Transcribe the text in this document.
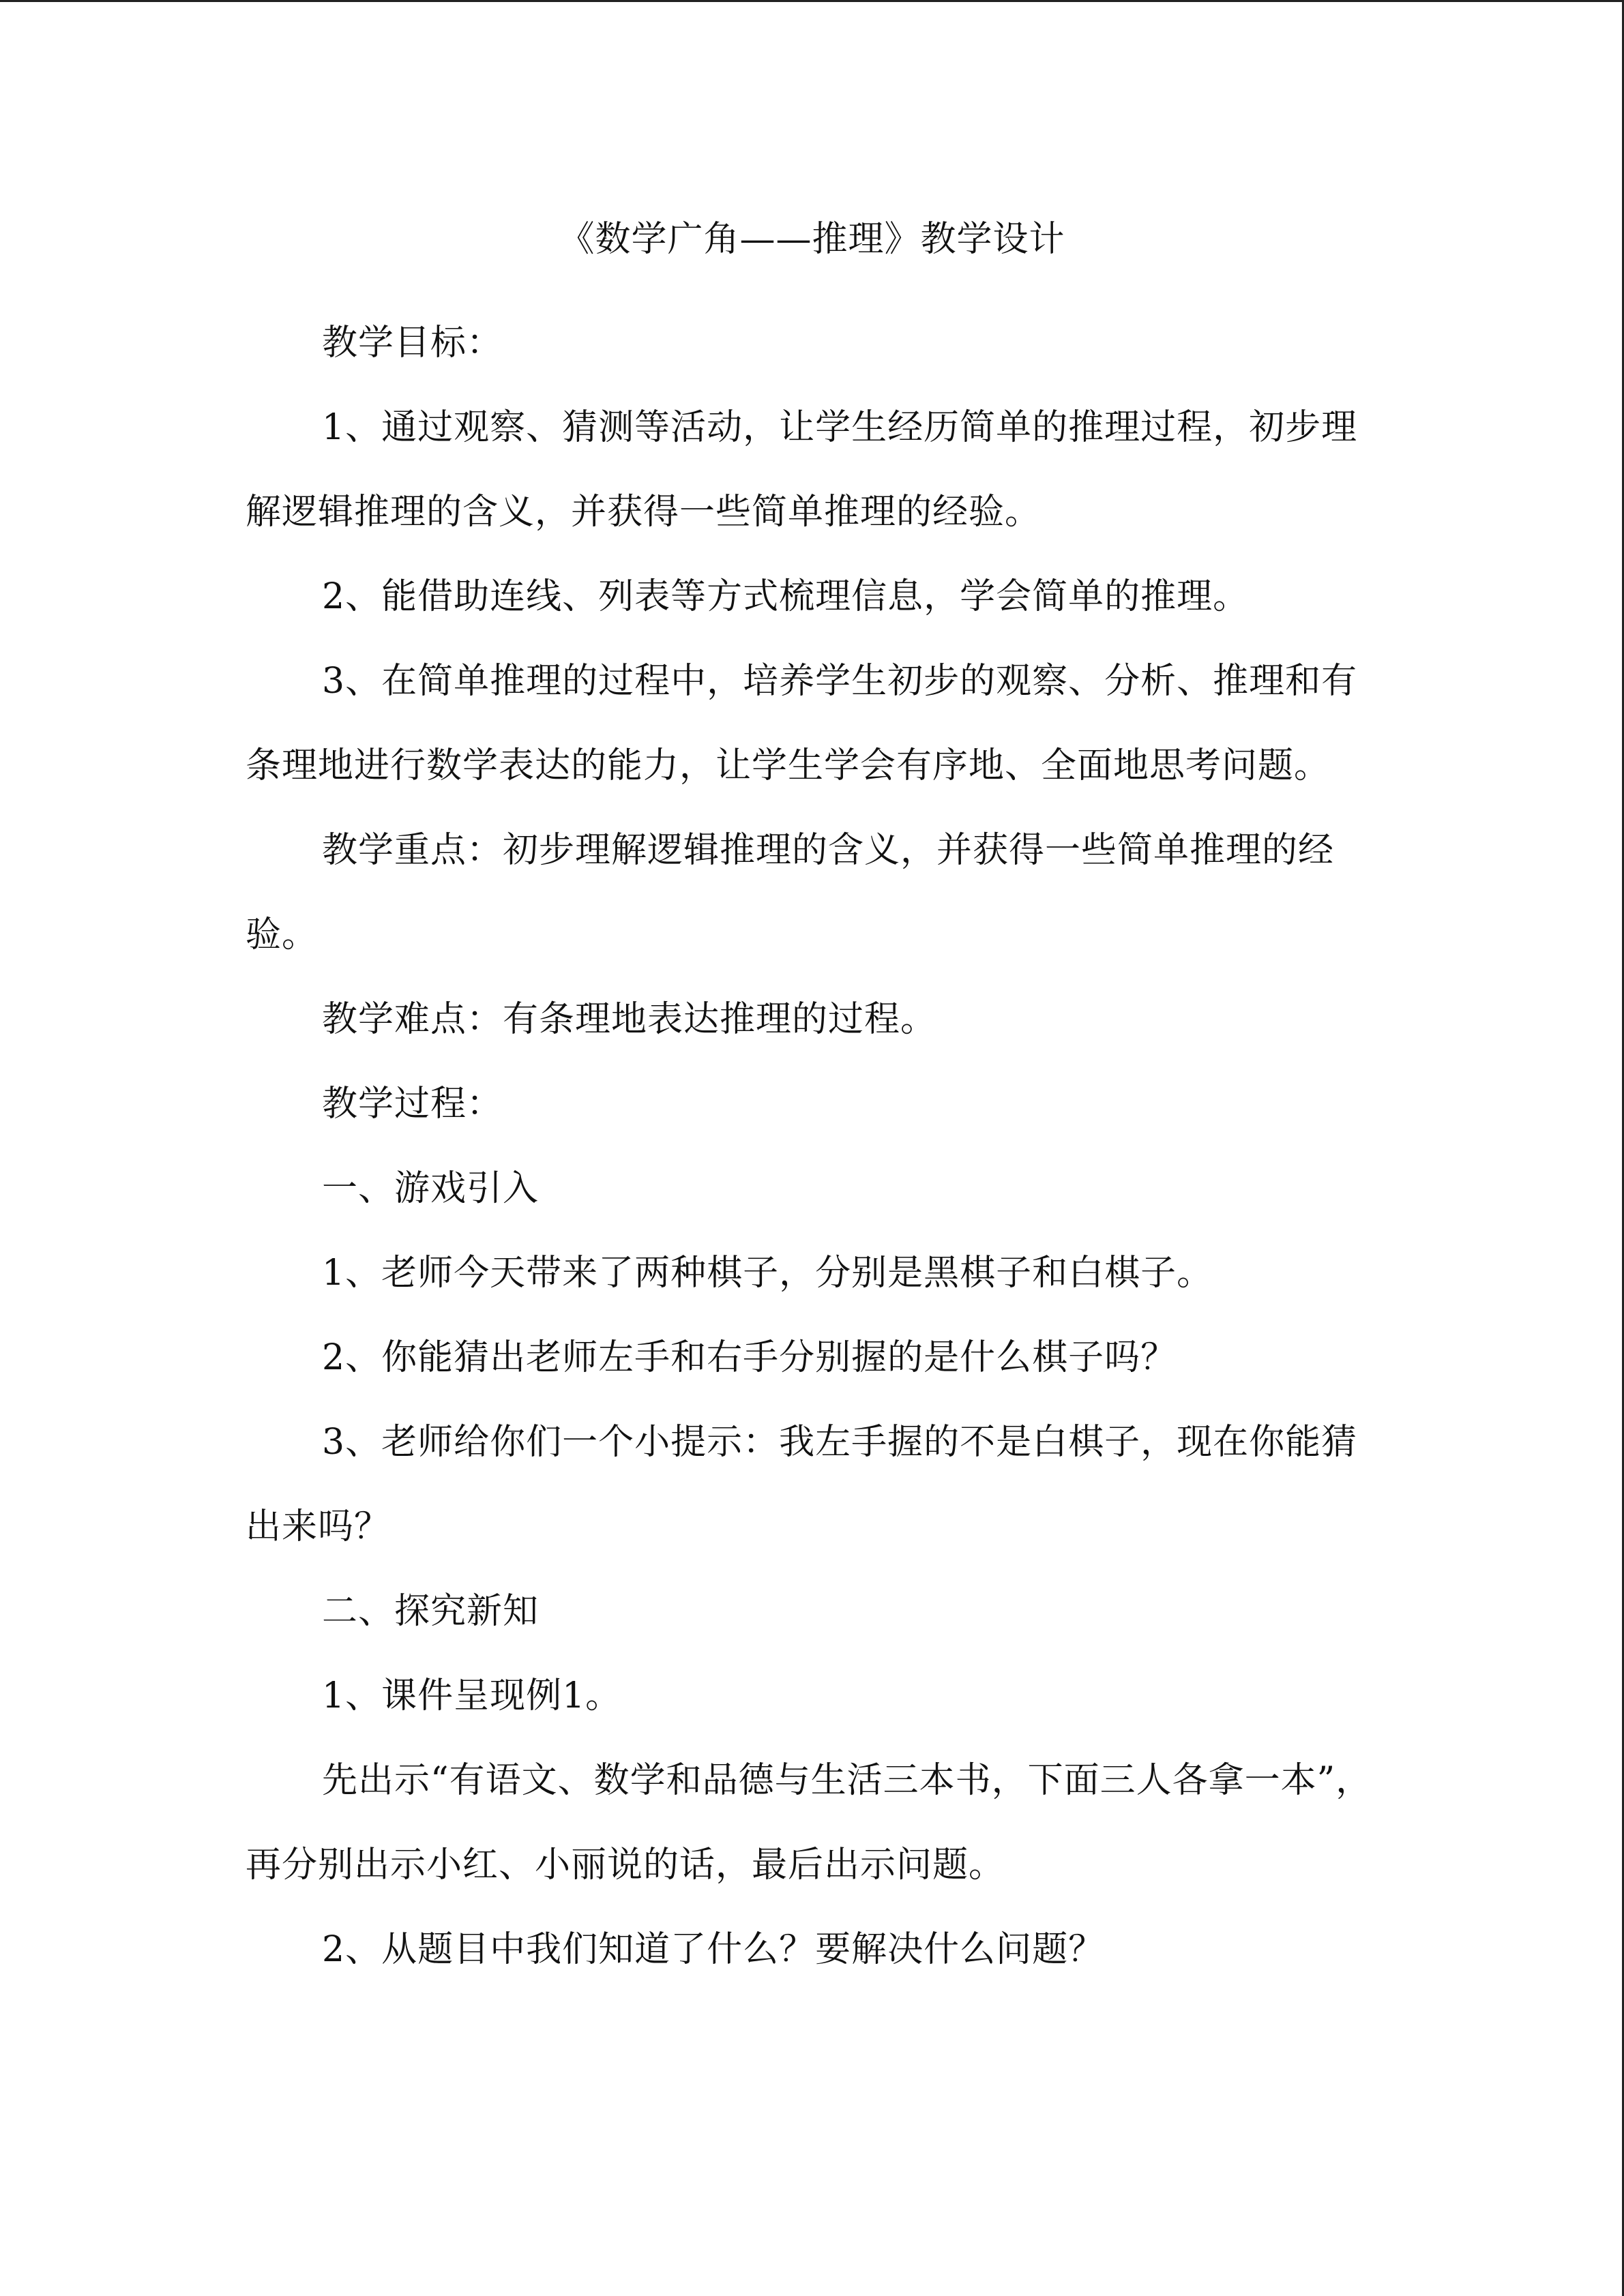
《数学广角——推理》教学设计

教学目标：

1、通过观察、猜测等活动，让学生经历简单的推理过程，初步理解逻辑推理的含义，并获得一些简单推理的经验。

2、能借助连线、列表等方式梳理信息，学会简单的推理。

3、在简单推理的过程中，培养学生初步的观察、分析、推理和有条理地进行数学表达的能力，让学生学会有序地、全面地思考问题。

教学重点：初步理解逻辑推理的含义，并获得一些简单推理的经验。

教学难点：有条理地表达推理的过程。

教学过程：

一、游戏引入

1、老师今天带来了两种棋子，分别是黑棋子和白棋子。

2、你能猜出老师左手和右手分别握的是什么棋子吗？

3、老师给你们一个小提示：我左手握的不是白棋子，现在你能猜出来吗？

二、探究新知

1、课件呈现例1。

先出示“有语文、数学和品德与生活三本书，下面三人各拿一本”，再分别出示小红、小丽说的话，最后出示问题。

2、从题目中我们知道了什么？要解决什么问题？
